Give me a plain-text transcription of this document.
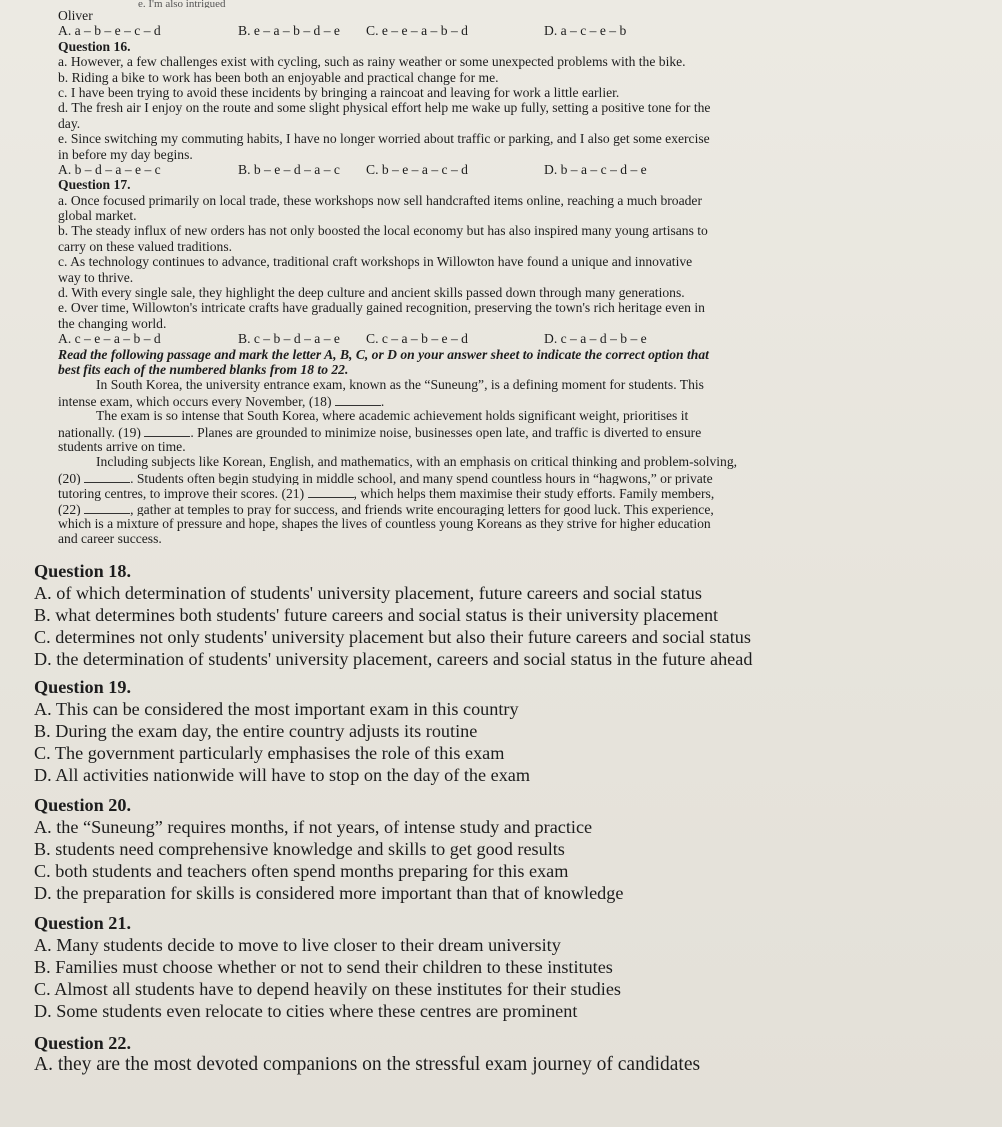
e. I'm also intrigued
Oliver
A. a – b – e – c – d	B. e – a – b – d – e	C. e – e – a – b – d	D. a – c – e – b
Question 16.
a. However, a few challenges exist with cycling, such as rainy weather or some unexpected problems with the bike.
b. Riding a bike to work has been both an enjoyable and practical change for me.
c. I have been trying to avoid these incidents by bringing a raincoat and leaving for work a little earlier.
d. The fresh air I enjoy on the route and some slight physical effort help me wake up fully, setting a positive tone for the
day.
e. Since switching my commuting habits, I have no longer worried about traffic or parking, and I also get some exercise
in before my day begins.
A. b – d – a – e – c	B. b – e – d – a – c	C. b – e – a – c – d	D. b – a – c – d – e
Question 17.
a. Once focused primarily on local trade, these workshops now sell handcrafted items online, reaching a much broader
global market.
b. The steady influx of new orders has not only boosted the local economy but has also inspired many young artisans to
carry on these valued traditions.
c. As technology continues to advance, traditional craft workshops in Willowton have found a unique and innovative
way to thrive.
d. With every single sale, they highlight the deep culture and ancient skills passed down through many generations.
e. Over time, Willowton's intricate crafts have gradually gained recognition, preserving the town's rich heritage even in
the changing world.
A. c – e – a – b – d	B. c – b – d – a – e	C. c – a – b – e – d	D. c – a – d – b – e
Read the following passage and mark the letter A, B, C, or D on your answer sheet to indicate the correct option that
best fits each of the numbered blanks from 18 to 22.
In South Korea, the university entrance exam, known as the “Suneung”, is a defining moment for students. This
intense exam, which occurs every November, (18)	.
The exam is so intense that South Korea, where academic achievement holds significant weight, prioritises it
nationally. (19)	. Planes are grounded to minimize noise, businesses open late, and traffic is diverted to ensure
students arrive on time.
Including subjects like Korean, English, and mathematics, with an emphasis on critical thinking and problem-solving,
(20)	. Students often begin studying in middle school, and many spend countless hours in “hagwons,” or private
tutoring centres, to improve their scores. (21)	, which helps them maximise their study efforts. Family members,
(22)	, gather at temples to pray for success, and friends write encouraging letters for good luck. This experience,
which is a mixture of pressure and hope, shapes the lives of countless young Koreans as they strive for higher education
and career success.
Question 18.
A. of which determination of students' university placement, future careers and social status
B. what determines both students' future careers and social status is their university placement
C. determines not only students' university placement but also their future careers and social status
D. the determination of students' university placement, careers and social status in the future ahead
Question 19.
A. This can be considered the most important exam in this country
B. During the exam day, the entire country adjusts its routine
C. The government particularly emphasises the role of this exam
D. All activities nationwide will have to stop on the day of the exam
Question 20.
A. the “Suneung” requires months, if not years, of intense study and practice
B. students need comprehensive knowledge and skills to get good results
C. both students and teachers often spend months preparing for this exam
D. the preparation for skills is considered more important than that of knowledge
Question 21.
A. Many students decide to move to live closer to their dream university
B. Families must choose whether or not to send their children to these institutes
C. Almost all students have to depend heavily on these institutes for their studies
D. Some students even relocate to cities where these centres are prominent
Question 22.
A. they are the most devoted companions on the stressful exam journey of candidates
